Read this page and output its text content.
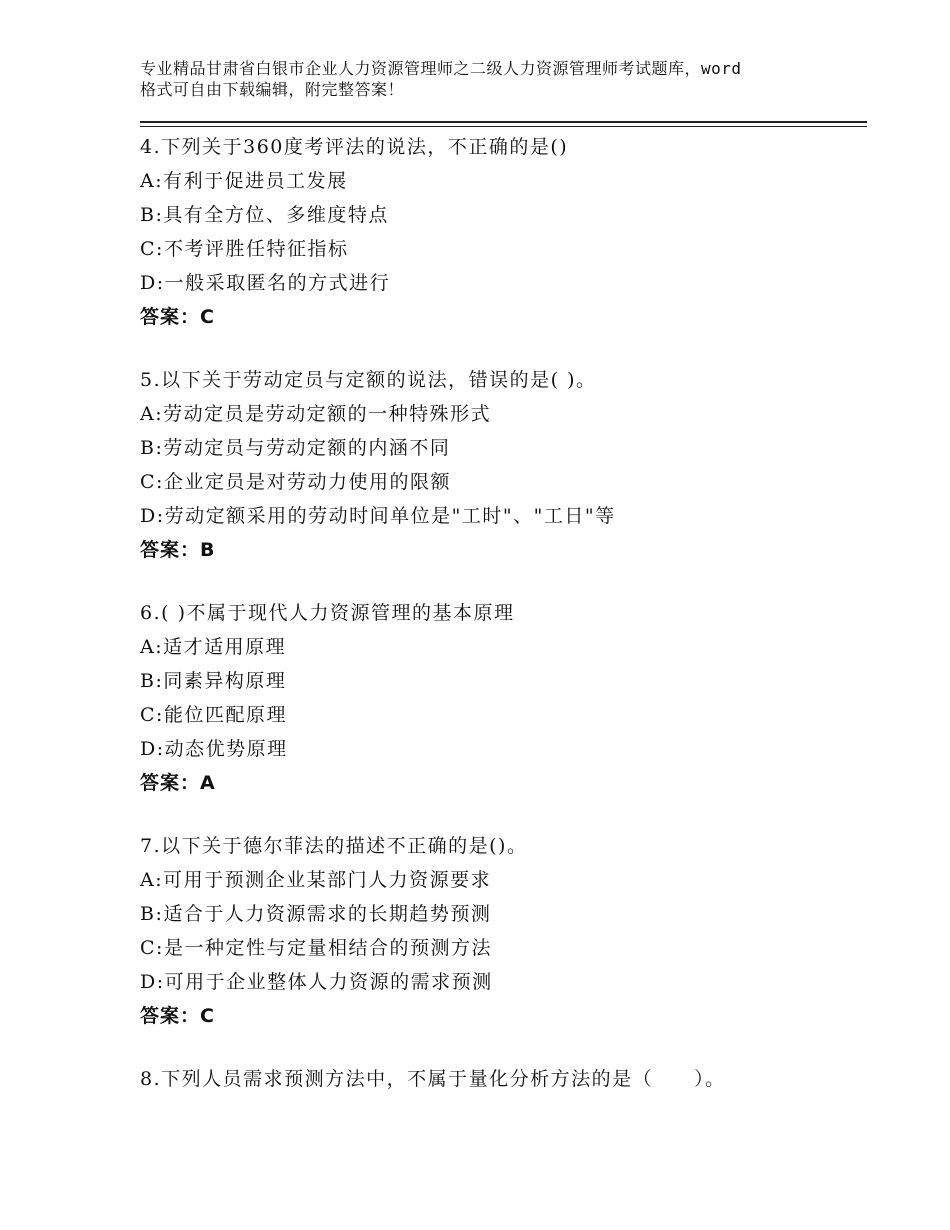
专业精品甘肃省白银市企业人力资源管理师之二级人力资源管理师考试题库，word
格式可自由下载编辑，附完整答案！
4.下列关于360度考评法的说法，不正确的是()
A:有利于促进员工发展
B:具有全方位、多维度特点
C:不考评胜任特征指标
D:一般采取匿名的方式进行
答案：C
5.以下关于劳动定员与定额的说法，错误的是( )。
A:劳动定员是劳动定额的一种特殊形式
B:劳动定员与劳动定额的内涵不同
C:企业定员是对劳动力使用的限额
D:劳动定额采用的劳动时间单位是"工时"、"工日"等
答案：B
6.( )不属于现代人力资源管理的基本原理
A:适才适用原理
B:同素异构原理
C:能位匹配原理
D:动态优势原理
答案：A
7.以下关于德尔菲法的描述不正确的是()。
A:可用于预测企业某部门人力资源要求
B:适合于人力资源需求的长期趋势预测
C:是一种定性与定量相结合的预测方法
D:可用于企业整体人力资源的需求预测
答案：C
8.下列人员需求预测方法中，不属于量化分析方法的是（　　）。
